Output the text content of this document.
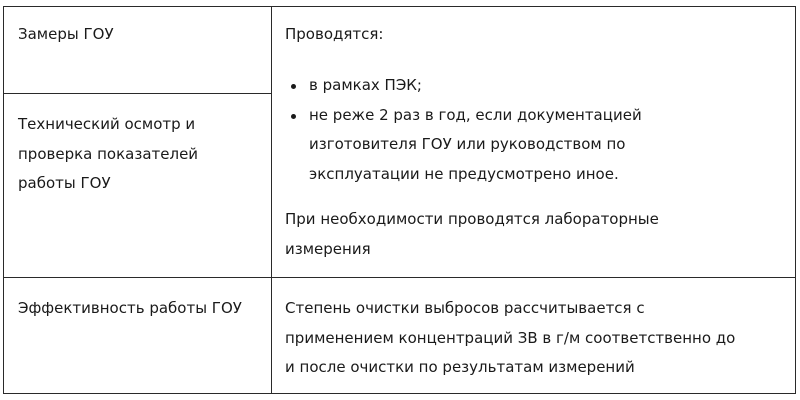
Замеры ГОУ
Технический осмотр и
проверка показателей
работы ГОУ
Проводятся:
в рамках ПЭК;
не реже 2 раз в год, если документацией
изготовителя ГОУ или руководством по
эксплуатации не предусмотрено иное.
При необходимости проводятся лабораторные
измерения
Эффективность работы ГОУ	Степень очистки выбросов рассчитывается с
применением концентраций ЗВ в г/м соответственно до
и после очистки по результатам измерений
